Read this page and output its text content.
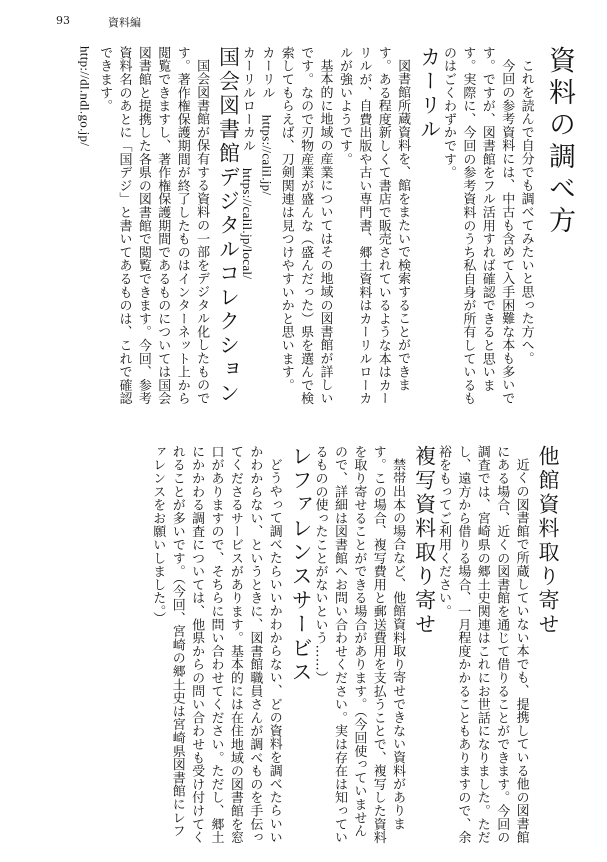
93	資料編
資料の調べ方

これを読んで自分でも調べてみたいと思った方へ。

今回の参考資料には、中古も含めて入手困難な本も多いです。ですが、図書館をフル活用すれば確認できると思います。実際に、今回の参考資料のうち私自身が所有しているものはごくわずかです。

カーリル

図書館所蔵資料を、館をまたいで検索することができます。ある程度新しくて書店で販売されているような本はカーリルが、自費出版や古い専門書、郷土資料はカーリルローカルが強いようです。

基本的に地域の産業についてはその地域の図書館が詳しいです。なので刃物産業が盛んな（盛んだった）県を選んで検索してもらえば、刀剣関連は見つけやすいかと思います。

カーリルhttps://calil.jp/

カーリルローカルhttps://calil.jp/local/

国会図書館デジタルコレクション

国会図書館が保有する資料の一部をデジタル化したものです。著作権保護期間が終了したものはインターネット上から閲覧できますし、著作権保護期間であるものについては国会図書館と提携した各県の図書館で閲覧できます。今回、参考資料名のあとに「国デジ」と書いてあるものは、これで確認できます。

http://dl.ndl.go.jp/

他館資料取り寄せ

近くの図書館で所蔵していない本でも、提携している他の図書館にある場合、近くの図書館を通じて借りることができます。今回の調査では、宮崎県の郷土史関連はこれにお世話になりました。ただし、遠方から借りる場合、一月程度かかることもありますので、余裕をもってご利用ください。

複写資料取り寄せ

禁帯出本の場合など、他館資料取り寄せできない資料があります。この場合、複写費用と郵送費用を支払うことで、複写した資料を取り寄せることができる場合があります。（今回使っていませんので、詳細は図書館へお問い合わせください。実は存在は知っているものの使ったことがないという……）

レファレンスサービス

どうやって調べたらいいかわからない、どの資料を調べたらいいかわからない、というときに、図書館職員さんが調べものを手伝ってくださるサービスがあります。基本的には在住地域の図書館を窓口がありますので、そちらに問い合わせてください。ただし、郷土にかかわる調査については、他県からの問い合わせも受け付けてくれることが多いです。（今回、宮崎の郷土史は宮崎県図書館にレファレンスをお願いしました。）
